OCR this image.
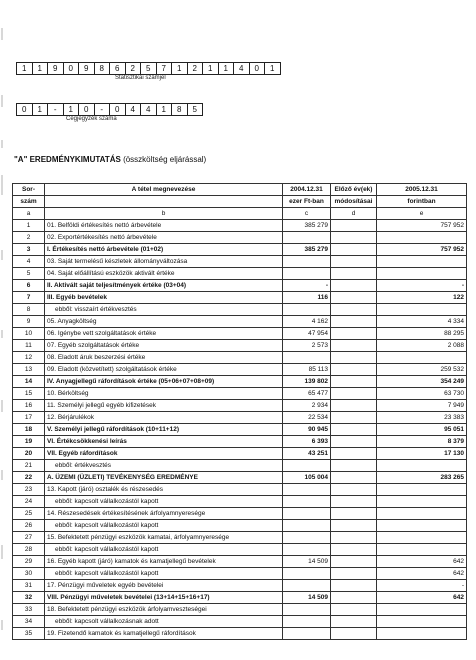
1	1	9	0	9	8	6	2	5	7	1	2	1	1	4	0	1
Statisztikai számjel
0	1	-	1	0	-	0	4	4	1	8	5
Cégjegyzék száma
"A" EREDMÉNYKIMUTATÁS (összköltség eljárással)
Sor-	A tétel megnevezése	2004.12.31	Előző év(ek)	2005.12.31
szám		ezer Ft-ban	módosításai	forintban
a	b	c	d	e
1	01. Belföldi értékesítés nettó árbevétele	385 279		757 952
2	02. Exportértékesítés nettó árbevétele			
3	I. Értékesítés nettó árbevétele (01+02)	385 279		757 952
4	03. Saját termelésű készletek állományváltozása			
5	04. Saját előállítású eszközök aktivált értéke			
6	II. Aktivált saját teljesítmények értéke (03+04)	-		-
7	III. Egyéb bevételek	116		122
8	ebből: visszaírt értékvesztés			
9	05. Anyagköltség	4 162		4 334
10	06. Igénybe vett szolgáltatások értéke	47 954		88 295
11	07. Egyéb szolgáltatások értéke	2 573		2 088
12	08. Eladott áruk beszerzési értéke			
13	09. Eladott (közvetített) szolgáltatások értéke	85 113		259 532
14	IV. Anyagjellegű ráfordítások értéke (05+06+07+08+09)	139 802		354 249
15	10. Bérköltség	65 477		63 730
16	11. Személyi jellegű egyéb kifizetések	2 934		7 949
17	12. Bérjárulékok	22 534		23 383
18	V. Személyi jellegű ráfordítások (10+11+12)	90 945		95 051
19	VI. Értékcsökkenési leírás	6 393		8 379
20	VII. Egyéb ráfordítások	43 251		17 130
21	ebből: értékvesztés			
22	A. ÜZEMI (ÜZLETI) TEVÉKENYSÉG EREDMÉNYE	105 004		283 265
23	13. Kapott (járó) osztalék és részesedés			
24	ebből: kapcsolt vállalkozástól kapott			
25	14. Részesedések értékesítésének árfolyamnyeresége			
26	ebből: kapcsolt vállalkozástól kapott			
27	15. Befektetett pénzügyi eszközök kamatai, árfolyamnyeresége			
28	ebből: kapcsolt vállalkozástól kapott			
29	16. Egyéb kapott (járó) kamatok és kamatjellegű bevételek	14 509		642
30	ebből: kapcsolt vállalkozástól kapott			642
31	17. Pénzügyi műveletek egyéb bevételei			-
32	VIII. Pénzügyi műveletek bevételei (13+14+15+16+17)	14 509		642
33	18. Befektetett pénzügyi eszközök árfolyamveszteségei			
34	ebből: kapcsolt vállalkozásnak adott			
35	19. Fizetendő kamatok és kamatjellegű ráfordítások			
